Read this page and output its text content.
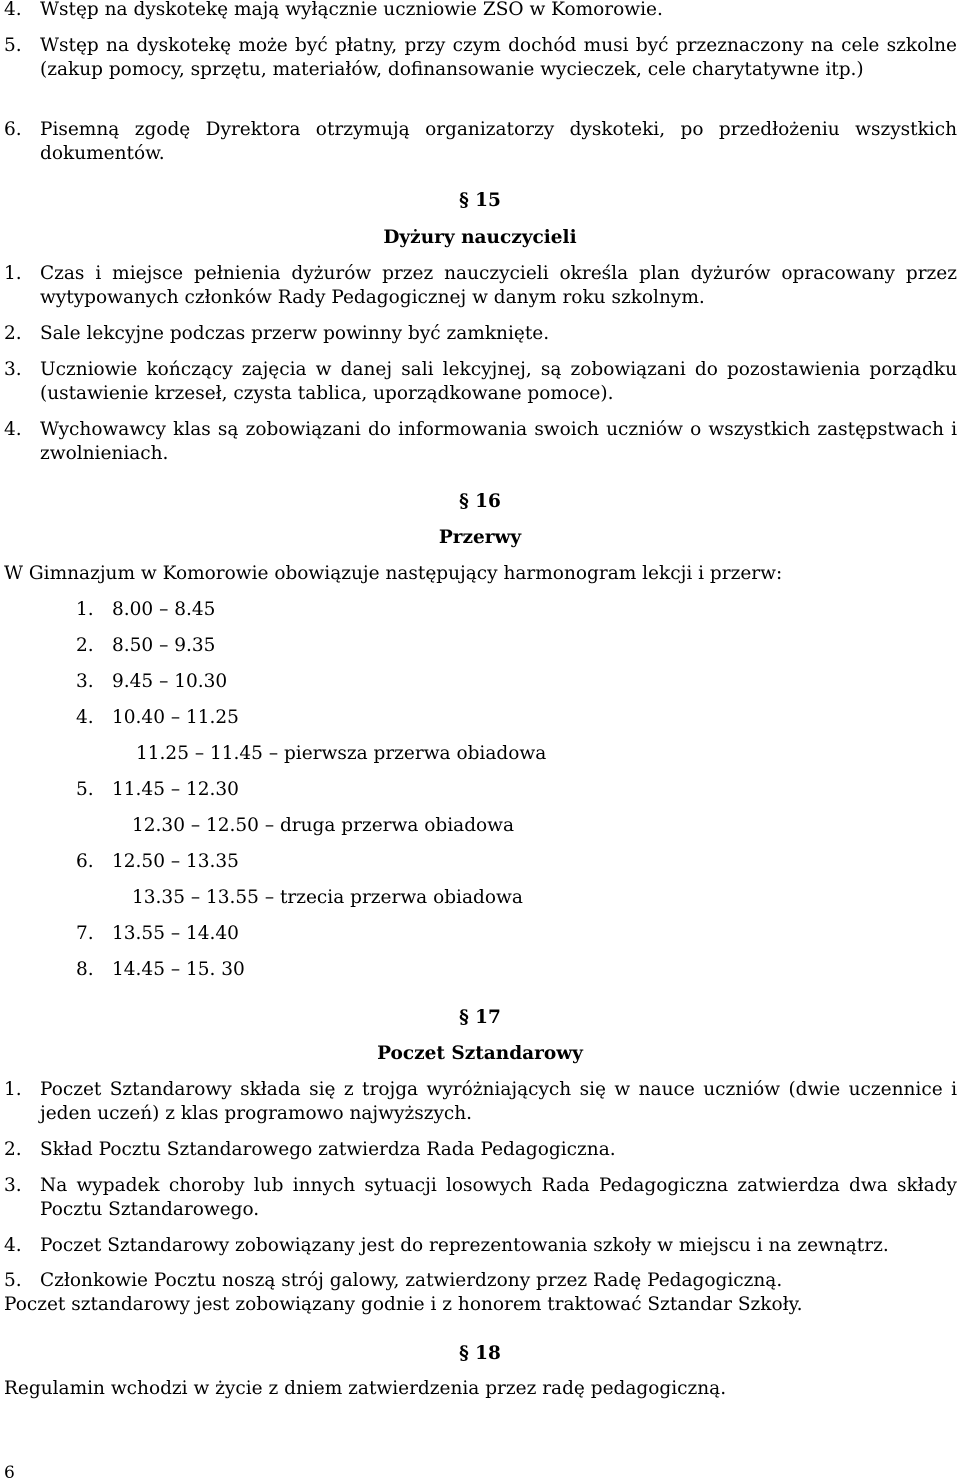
4. Wstęp na dyskotekę mają wyłącznie uczniowie ZSO w Komorowie.
5. Wstęp na dyskotekę może być płatny, przy czym dochód musi być przeznaczony na cele szkolne (zakup pomocy, sprzętu, materiałów, dofinansowanie wycieczek, cele charytatywne itp.)
6. Pisemną zgodę Dyrektora otrzymują organizatorzy dyskoteki, po przedłożeniu wszystkich dokumentów.
§ 15
Dyżury nauczycieli
1. Czas i miejsce pełnienia dyżurów przez nauczycieli określa plan dyżurów opracowany przez wytypowanych członków Rady Pedagogicznej w danym roku szkolnym.
2. Sale lekcyjne podczas przerw powinny być zamknięte.
3. Uczniowie kończący zajęcia w danej sali lekcyjnej, są zobowiązani do pozostawienia porządku (ustawienie krzeseł, czysta tablica, uporządkowane pomoce).
4. Wychowawcy klas są zobowiązani do informowania swoich uczniów o wszystkich zastępstwach i zwolnieniach.
§ 16
Przerwy
W Gimnazjum w Komorowie obowiązuje następujący harmonogram lekcji i przerw:
1. 8.00 – 8.45
2. 8.50 – 9.35
3. 9.45 – 10.30
4. 10.40 – 11.25
11.25 – 11.45 – pierwsza przerwa obiadowa
5. 11.45 – 12.30
12.30 – 12.50 – druga przerwa obiadowa
6. 12.50 – 13.35
13.35 – 13.55 – trzecia przerwa obiadowa
7. 13.55 – 14.40
8. 14.45 – 15. 30
§ 17
Poczet Sztandarowy
1. Poczet Sztandarowy składa się z trojga wyróżniających się w nauce uczniów (dwie uczennice i jeden uczeń) z klas programowo najwyższych.
2. Skład Pocztu Sztandarowego zatwierdza Rada Pedagogiczna.
3. Na wypadek choroby lub innych sytuacji losowych Rada Pedagogiczna zatwierdza dwa składy Pocztu Sztandarowego.
4. Poczet Sztandarowy zobowiązany jest do reprezentowania szkoły w miejscu i na zewnątrz.
5. Członkowie Pocztu noszą strój galowy, zatwierdzony przez Radę Pedagogiczną.
Poczet sztandarowy jest zobowiązany godnie i z honorem traktować Sztandar Szkoły.
§ 18
Regulamin wchodzi w życie z dniem zatwierdzenia przez radę pedagogiczną.
6
